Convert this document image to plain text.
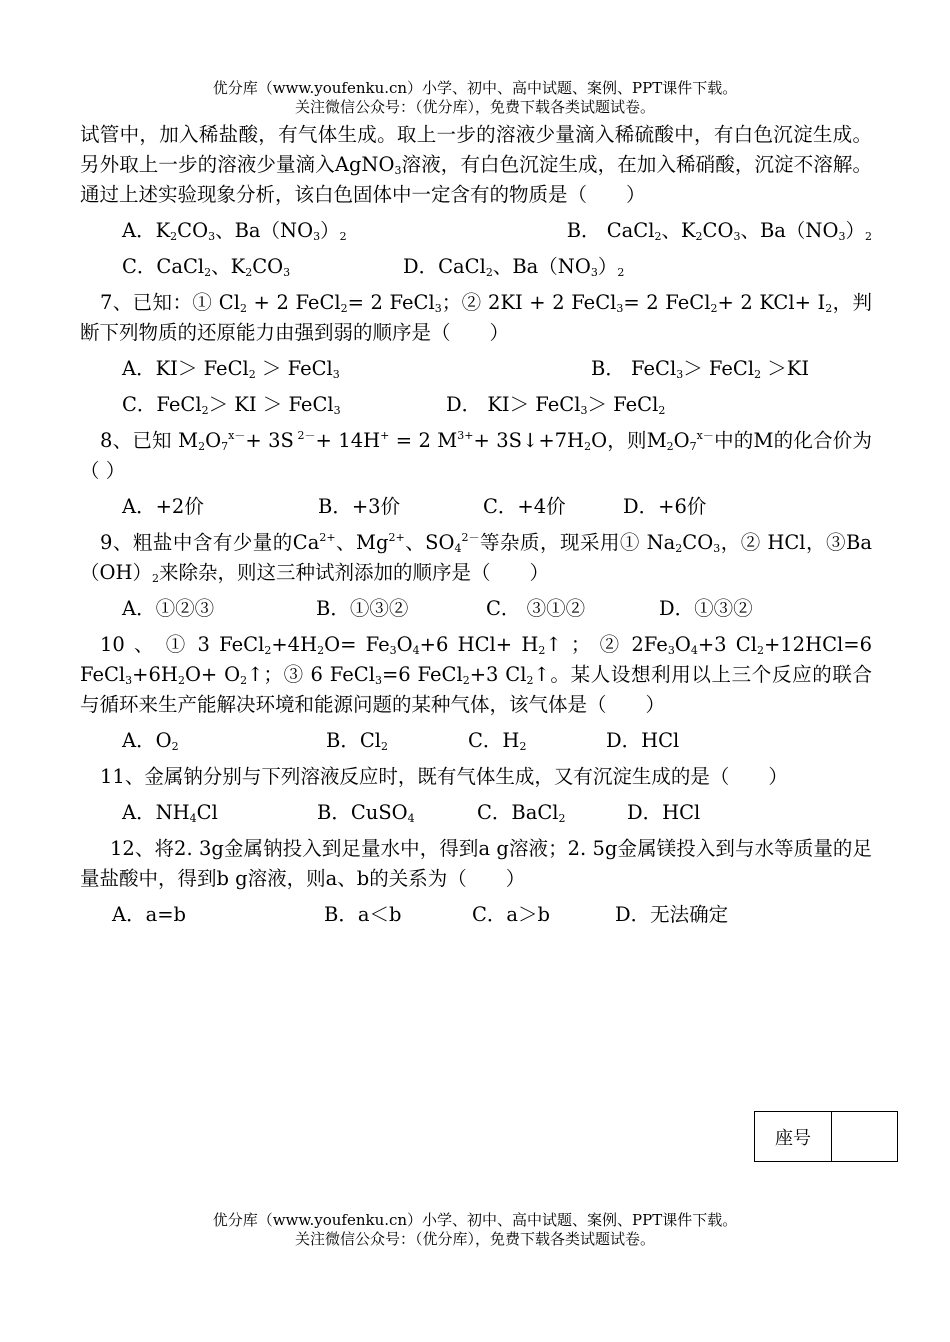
优分库（www.youfenku.cn）小学、初中、高中试题、案例、PPT课件下载。
关注微信公众号：（优分库），免费下载各类试题试卷。

试管中，加入稀盐酸，有气体生成。取上一步的溶液少量滴入稀硫酸中，有白色沉淀生成。另外取上一步的溶液少量滴入AgNO$_3$溶液，有白色沉淀生成，在加入稀硝酸，沉淀不溶解。通过上述实验现象分析，该白色固体中一定含有的物质是（　　）

A．$K_2CO_3$、$Ba(NO_3)_2$	B． CaCl$_2$、$K_2CO_3$、$Ba(NO_3)_2$
C．CaCl$_2$、$K_2CO_3$	D．CaCl$_2$、$Ba(NO_3)_2$

7、已知：① $Cl_2 + 2$ FeCl$_2$= 2 FeCl$_3$；② 2KI + 2 FeCl$_3$= 2 FeCl$_2$+ 2 $KCl+ I_2$，判断下列物质的还原能力由强到弱的顺序是（　　）

A．KI＞ FeCl$_2$ ＞ FeCl$_3$	B． FeCl$_3$＞ FeCl$_2$ ＞KI
C．FeCl$_2$＞ KI ＞ FeCl$_3$	D． KI＞ FeCl$_3$＞ FeCl$_2$

8、已知 $M_2O_7^{x-}+ 3S$ $^{2-}$+ 14H+ = 2 $M^{3+}+$ $3S↓+7H_2O$，则$M_2O_7^{x-}$中的M的化合价为（ ）

A．+2价	B．+3价	C．+4价	D．+6价

9、粗盐中含有少量的$Ca^{2+}$、$Mg^{2+}$、$SO_4^{2-}$等杂质，现采用① $Na_2CO_3$，② HCl，$③Ba(OH)_2$来除杂，则这三种试剂添加的顺序是（　　）

A．①②③	B．①③②	C． ③①②	D．①③②

10 、 ① 3 $FeCl_2+4H_2O= Fe_3O_4+6$ $HCl+ H_2↑$ ； ② $2Fe_3O_4+3$ $Cl_2+12HCl=6$ $FeCl_3+6H_2O+$ $O_2↑$；③ 6 FeCl$_3$=6 FeCl$_2$+3 $Cl_2↑$。某人设想利用以上三个反应的联合与循环来生产能解决环境和能源问题的某种气体，该气体是（　　）

A．$O_2$	B．$Cl_2$	C．$H_2$	D．HCl

11、金属钠分别与下列溶液反应时，既有气体生成，又有沉淀生成的是（　　）

A．$NH_4Cl$	B．CuSO$_4$	C．BaCl$_2$	D．HCl

12、将2. 3g金属钠投入到足量水中，得到a g溶液；2. 5g金属镁投入到与水等质量的足量盐酸中，得到b g溶液，则a、b的关系为（　　）

A．a=b	B．a＜b	C．a＞b	D．无法确定
座号
优分库（www.youfenku.cn）小学、初中、高中试题、案例、PPT课件下载。
关注微信公众号：（优分库），免费下载各类试题试卷。
